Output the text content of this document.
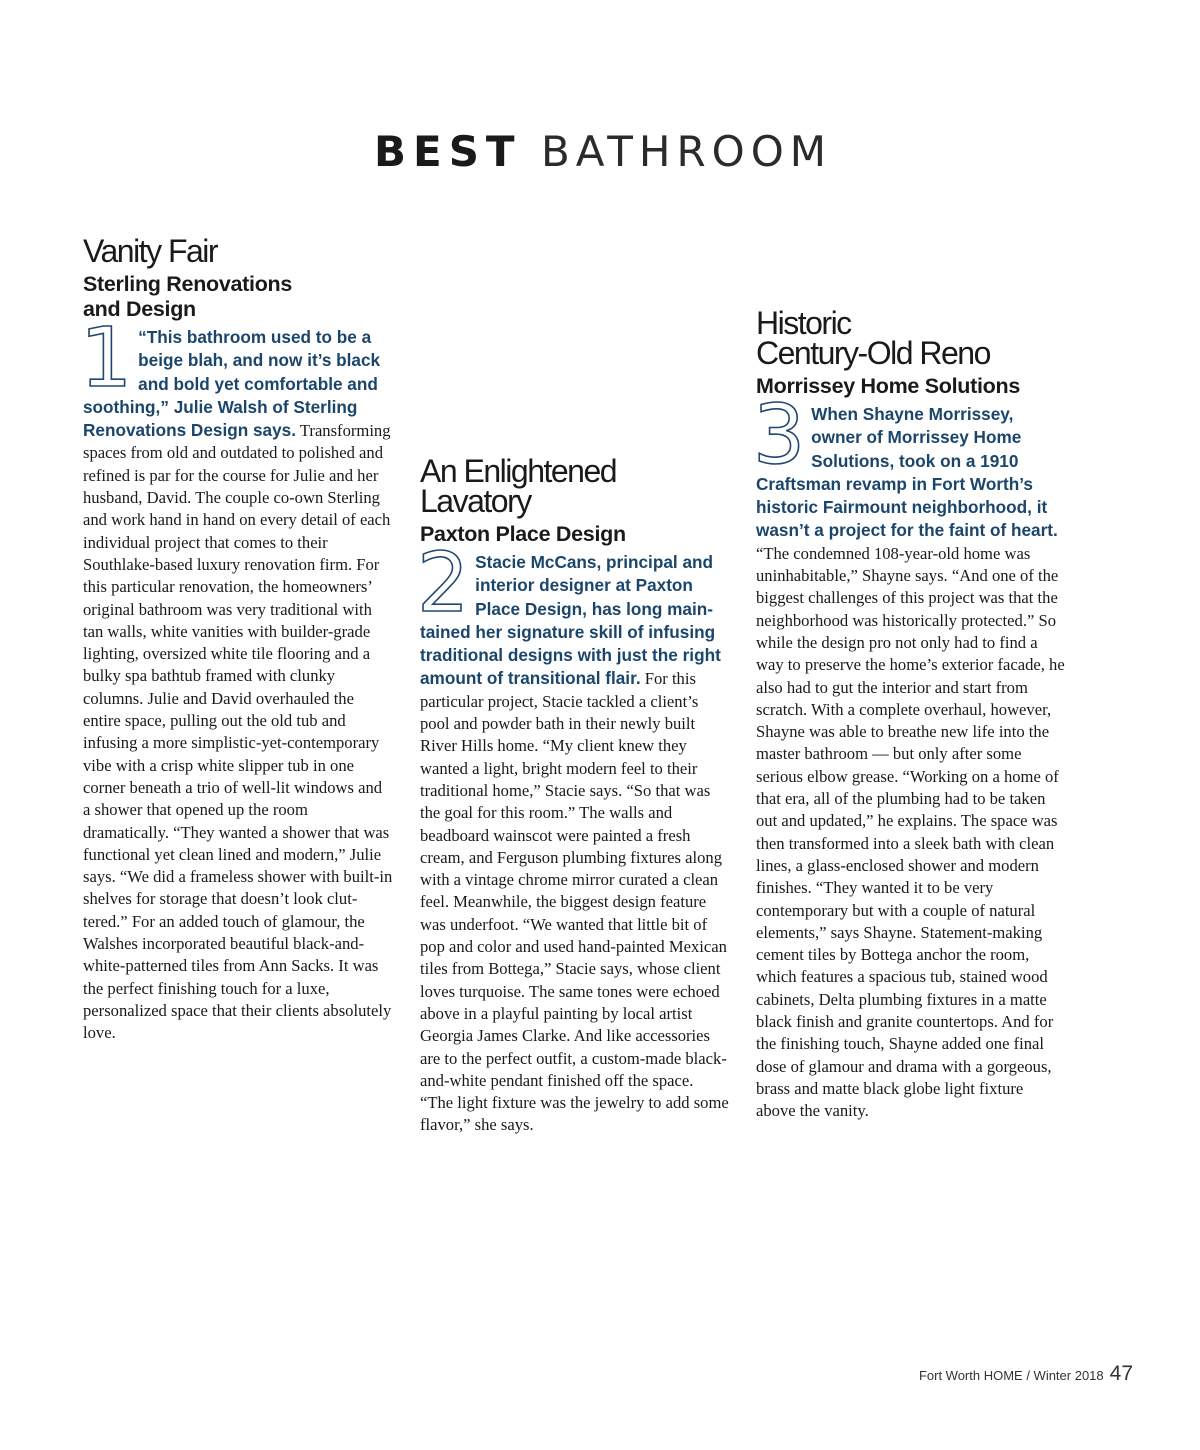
BEST BATHROOM
Vanity Fair
Sterling Renovations
and Design

1 “This bathroom used to be a beige blah, and now it’s black and bold yet comfortable and soothing,” Julie Walsh of Sterling Renovations Design says. Transforming spaces from old and outdated to polished and refined is par for the course for Julie and her husband, David. The couple co-own Sterling and work hand in hand on every detail of each individual project that comes to their Southlake-based luxury renovation firm. For this particular renovation, the homeowners’ original bathroom was very traditional with tan walls, white vanities with builder-grade lighting, oversized white tile flooring and a bulky spa bathtub framed with clunky columns. Julie and David overhauled the entire space, pulling out the old tub and infusing a more simplistic-yet-contemporary vibe with a crisp white slipper tub in one corner beneath a trio of well-lit windows and a shower that opened up the room dramatically. “They wanted a shower that was functional yet clean lined and modern,” Julie says. “We did a frameless shower with built-in shelves for storage that doesn’t look cluttered.” For an added touch of glamour, the Walshes incorporated beautiful black-and-white-patterned tiles from Ann Sacks. It was the perfect finishing touch for a luxe, personalized space that their clients absolutely love.

An Enlightened
Lavatory
Paxton Place Design

2 Stacie McCans, principal and interior designer at Paxton Place Design, has long maintained her signature skill of infusing traditional designs with just the right amount of transitional flair. For this particular project, Stacie tackled a client’s pool and powder bath in their newly built River Hills home. “My client knew they wanted a light, bright modern feel to their traditional home,” Stacie says. “So that was the goal for this room.” The walls and beadboard wainscot were painted a fresh cream, and Ferguson plumbing fixtures along with a vintage chrome mirror curated a clean feel. Meanwhile, the biggest design feature was underfoot. “We wanted that little bit of pop and color and used hand-painted Mexican tiles from Bottega,” Stacie says, whose client loves turquoise. The same tones were echoed above in a playful painting by local artist Georgia James Clarke. And like accessories are to the perfect outfit, a custom-made black-and-white pendant finished off the space. “The light fixture was the jewelry to add some flavor,” she says.

Historic
Century-Old Reno
Morrissey Home Solutions

3 When Shayne Morrissey, owner of Morrissey Home Solutions, took on a 1910 Craftsman revamp in Fort Worth’s historic Fairmount neighborhood, it wasn’t a project for the faint of heart. “The condemned 108-year-old home was uninhabitable,” Shayne says. “And one of the biggest challenges of this project was that the neighborhood was historically protected.” So while the design pro not only had to find a way to preserve the home’s exterior facade, he also had to gut the interior and start from scratch. With a complete overhaul, however, Shayne was able to breathe new life into the master bathroom — but only after some serious elbow grease. “Working on a home of that era, all of the plumbing had to be taken out and updated,” he explains. The space was then transformed into a sleek bath with clean lines, a glass-enclosed shower and modern finishes. “They wanted it to be very contemporary but with a couple of natural elements,” says Shayne. Statement-making cement tiles by Bottega anchor the room, which features a spacious tub, stained wood cabinets, Delta plumbing fixtures in a matte black finish and granite countertops. And for the finishing touch, Shayne added one final dose of glamour and drama with a gorgeous, brass and matte black globe light fixture above the vanity.

Fort Worth HOME / Winter 2018 47
